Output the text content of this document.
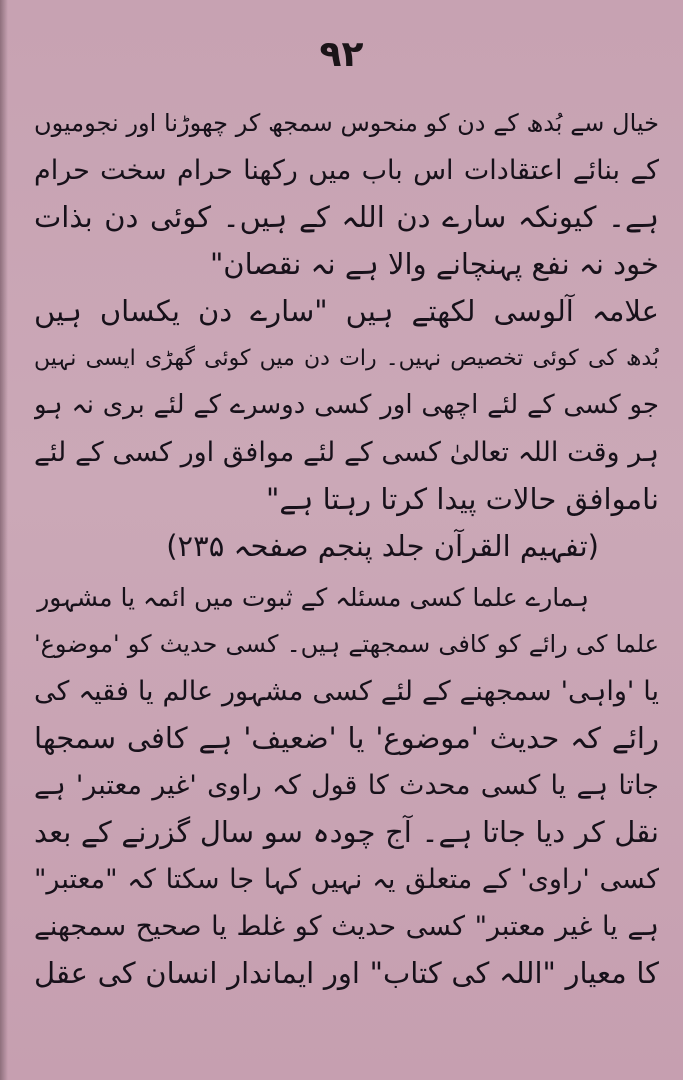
۹۲
خیال سے بُدھ کے دن کو منحوس سمجھ کر چھوڑنا اور نجومیوں
کے بنائے اعتقادات اس باب میں رکھنا حرام سخت حرام
ہے۔ کیونکہ سارے دن اللہ کے ہیں۔ کوئی دن بذات
خود نہ نفع پہنچانے والا ہے نہ نقصان"
علامہ آلوسی لکھتے ہیں "سارے دن یکساں ہیں
بُدھ کی کوئی تخصیص نہیں۔ رات دن میں کوئی گھڑی ایسی نہیں
جو کسی کے لئے اچھی اور کسی دوسرے کے لئے بری نہ ہو
ہر وقت اللہ تعالیٰ کسی کے لئے موافق اور کسی کے لئے
ناموافق حالات پیدا کرتا رہتا ہے"
(تفہیم القرآن جلد پنجم صفحہ ۲۳۵)
ہمارے علما کسی مسئلہ کے ثبوت میں ائمہ یا مشہور
علما کی رائے کو کافی سمجھتے ہیں۔ کسی حدیث کو 'موضوع'
یا 'واہی' سمجھنے کے لئے کسی مشہور عالم یا فقیہ کی
رائے کہ حدیث 'موضوع' یا 'ضعیف' ہے کافی سمجھا
جاتا ہے یا کسی محدث کا قول کہ راوی 'غیر معتبر' ہے
نقل کر دیا جاتا ہے۔ آج چودہ سو سال گزرنے کے بعد
کسی 'راوی' کے متعلق یہ نہیں کہا جا سکتا کہ "معتبر"
ہے یا غیر معتبر" کسی حدیث کو غلط یا صحیح سمجھنے
کا معیار "اللہ کی کتاب" اور ایماندار انسان کی عقل
